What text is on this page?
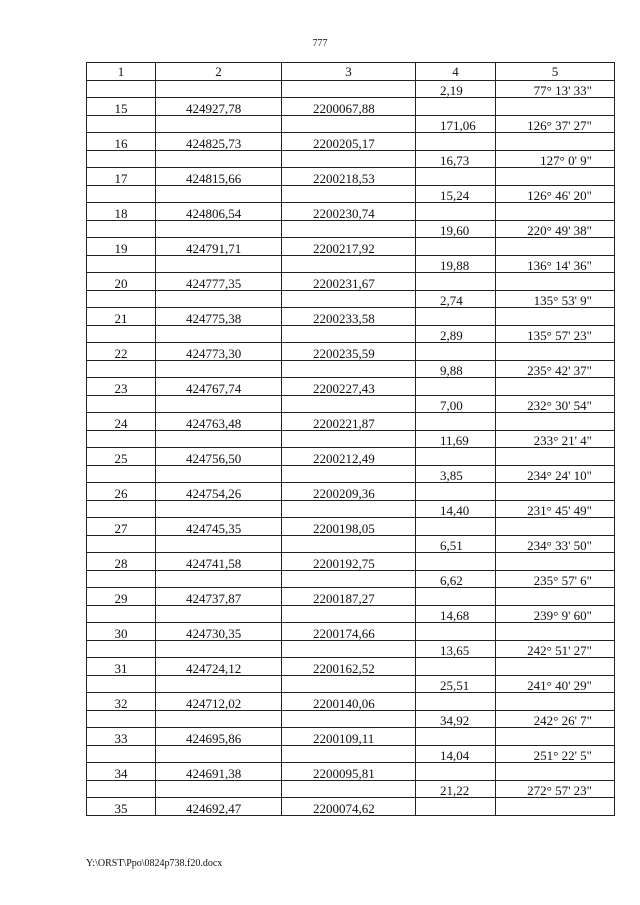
777
1	2	3	4	5
			2,19	77° 13' 33"
15	424927,78	2200067,88		
			171,06	126° 37' 27"
16	424825,73	2200205,17		
			16,73	127° 0' 9"
17	424815,66	2200218,53		
			15,24	126° 46' 20"
18	424806,54	2200230,74		
			19,60	220° 49' 38"
19	424791,71	2200217,92		
			19,88	136° 14' 36"
20	424777,35	2200231,67		
			2,74	135° 53' 9"
21	424775,38	2200233,58		
			2,89	135° 57' 23"
22	424773,30	2200235,59		
			9,88	235° 42' 37"
23	424767,74	2200227,43		
			7,00	232° 30' 54"
24	424763,48	2200221,87		
			11,69	233° 21' 4"
25	424756,50	2200212,49		
			3,85	234° 24' 10"
26	424754,26	2200209,36		
			14,40	231° 45' 49"
27	424745,35	2200198,05		
			6,51	234° 33' 50"
28	424741,58	2200192,75		
			6,62	235° 57' 6"
29	424737,87	2200187,27		
			14,68	239° 9' 60"
30	424730,35	2200174,66		
			13,65	242° 51' 27"
31	424724,12	2200162,52		
			25,51	241° 40' 29"
32	424712,02	2200140,06		
			34,92	242° 26' 7"
33	424695,86	2200109,11		
			14,04	251° 22' 5"
34	424691,38	2200095,81		
			21,22	272° 57' 23"
35	424692,47	2200074,62		
Y:\ORST\Ppo\0824p738.f20.docx
